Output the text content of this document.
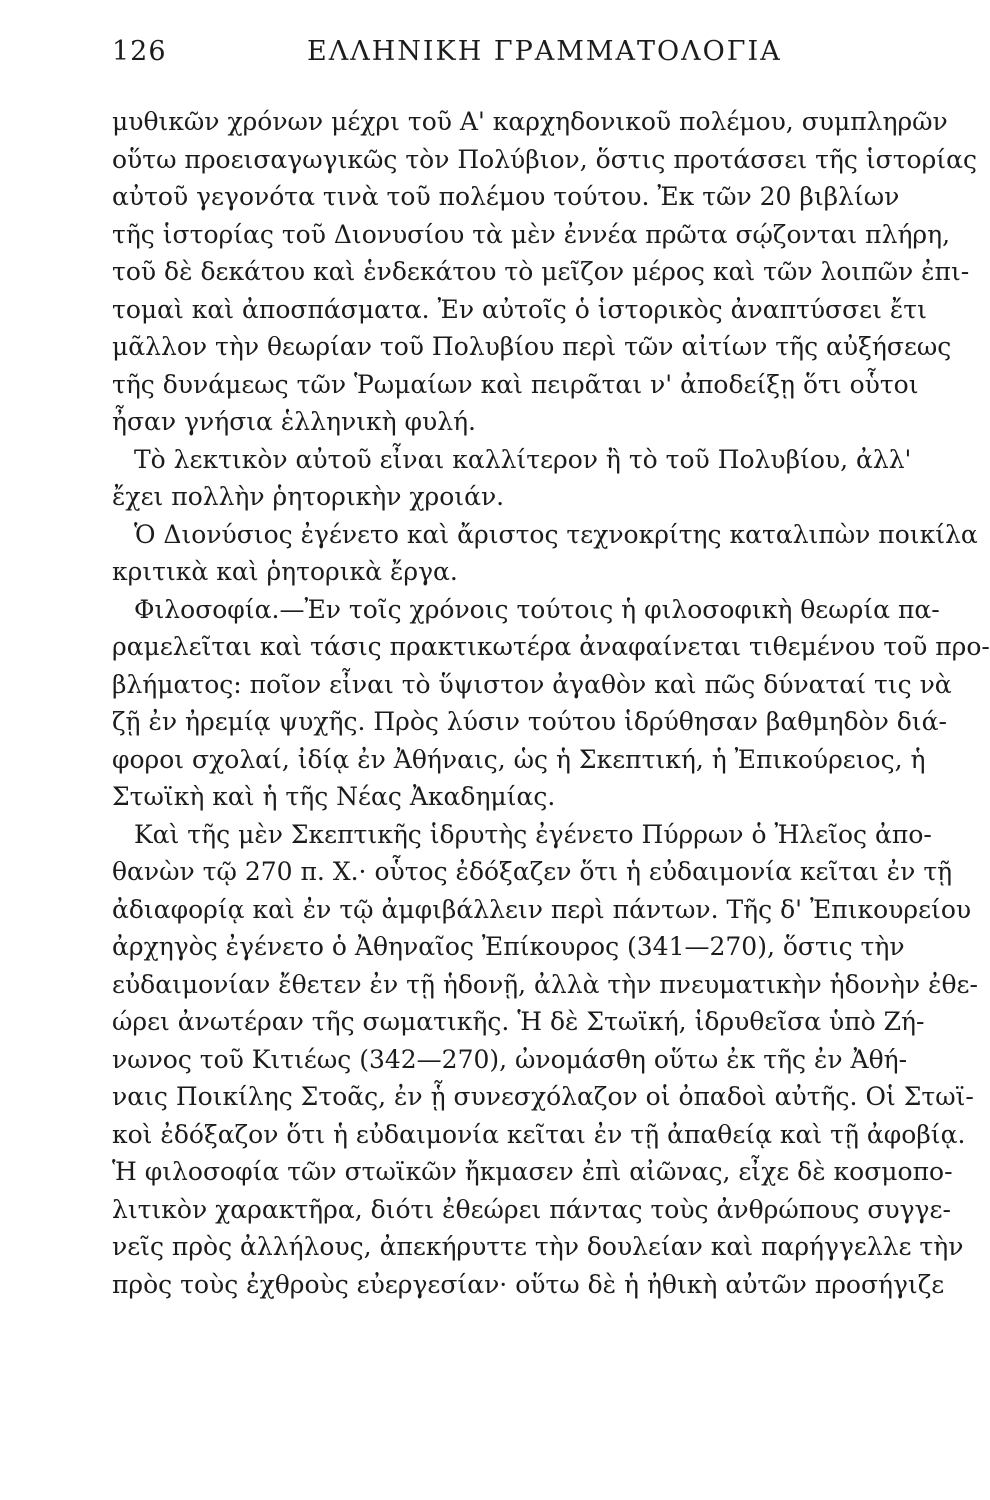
126	ΕΛΛΗΝΙΚΗ ΓΡΑΜΜΑΤΟΛΟΓΙΑ
μυθικῶν χρόνων μέχρι τοῦ Α' καρχηδονικοῦ πολέμου, συμπληρῶν
οὕτω προεισαγωγικῶς τὸν Πολύβιον, ὅστις προτάσσει τῆς ἱστορίας
αὐτοῦ γεγονότα τινὰ τοῦ πολέμου τούτου. Ἐκ τῶν 20 βιβλίων
τῆς ἱστορίας τοῦ Διονυσίου τὰ μὲν ἐννέα πρῶτα σῴζονται πλήρη,
τοῦ δὲ δεκάτου καὶ ἑνδεκάτου τὸ μεῖζον μέρος καὶ τῶν λοιπῶν ἐπι-
τομαὶ καὶ ἀποσπάσματα. Ἐν αὐτοῖς ὁ ἱστορικὸς ἀναπτύσσει ἔτι
μᾶλλον τὴν θεωρίαν τοῦ Πολυβίου περὶ τῶν αἰτίων τῆς αὐξήσεως
τῆς δυνάμεως τῶν Ῥωμαίων καὶ πειρᾶται ν' ἀποδείξῃ ὅτι οὗτοι
ἦσαν γνήσια ἑλληνικὴ φυλή.
Τὸ λεκτικὸν αὐτοῦ εἶναι καλλίτερον ἢ τὸ τοῦ Πολυβίου, ἀλλ'
ἔχει πολλὴν ῥητορικὴν χροιάν.
Ὁ Διονύσιος ἐγένετο καὶ ἄριστος τεχνοκρίτης καταλιπὼν ποικίλα
κριτικὰ καὶ ῥητορικὰ ἔργα.
Φιλοσοφία.—Ἐν τοῖς χρόνοις τούτοις ἡ φιλοσοφικὴ θεωρία πα-
ραμελεῖται καὶ τάσις πρακτικωτέρα ἀναφαίνεται τιθεμένου τοῦ προ-
βλήματος: ποῖον εἶναι τὸ ὕψιστον ἀγαθὸν καὶ πῶς δύναταί τις νὰ
ζῇ ἐν ἠρεμίᾳ ψυχῆς. Πρὸς λύσιν τούτου ἱδρύθησαν βαθμηδὸν διά-
φοροι σχολαί, ἰδίᾳ ἐν Ἀθήναις, ὡς ἡ Σκεπτική, ἡ Ἐπικούρειος, ἡ
Στωϊκὴ καὶ ἡ τῆς Νέας Ἀκαδημίας.
Καὶ τῆς μὲν Σκεπτικῆς ἱδρυτὴς ἐγένετο Πύρρων ὁ Ἠλεῖος ἀπο-
θανὼν τῷ 270 π. Χ.· οὗτος ἐδόξαζεν ὅτι ἡ εὐδαιμονία κεῖται ἐν τῇ
ἀδιαφορίᾳ καὶ ἐν τῷ ἀμφιβάλλειν περὶ πάντων. Τῆς δ' Ἐπικουρείου
ἀρχηγὸς ἐγένετο ὁ Ἀθηναῖος Ἐπίκουρος (341—270), ὅστις τὴν
εὐδαιμονίαν ἔθετεν ἐν τῇ ἡδονῇ, ἀλλὰ τὴν πνευματικὴν ἡδονὴν ἐθε-
ώρει ἀνωτέραν τῆς σωματικῆς. Ἡ δὲ Στωϊκή, ἱδρυθεῖσα ὑπὸ Ζή-
νωνος τοῦ Κιτιέως (342—270), ὠνομάσθη οὕτω ἐκ τῆς ἐν Ἀθή-
ναις Ποικίλης Στοᾶς, ἐν ᾗ συνεσχόλαζον οἱ ὀπαδοὶ αὐτῆς. Οἱ Στωϊ-
κοὶ ἐδόξαζον ὅτι ἡ εὐδαιμονία κεῖται ἐν τῇ ἀπαθείᾳ καὶ τῇ ἀφοβίᾳ.
Ἡ φιλοσοφία τῶν στωϊκῶν ἤκμασεν ἐπὶ αἰῶνας, εἶχε δὲ κοσμοπο-
λιτικὸν χαρακτῆρα, διότι ἐθεώρει πάντας τοὺς ἀνθρώπους συγγε-
νεῖς πρὸς ἀλλήλους, ἀπεκήρυττε τὴν δουλείαν καὶ παρήγγελλε τὴν
πρὸς τοὺς ἐχθροὺς εὐεργεσίαν· οὕτω δὲ ἡ ἠθικὴ αὐτῶν προσήγιζε
